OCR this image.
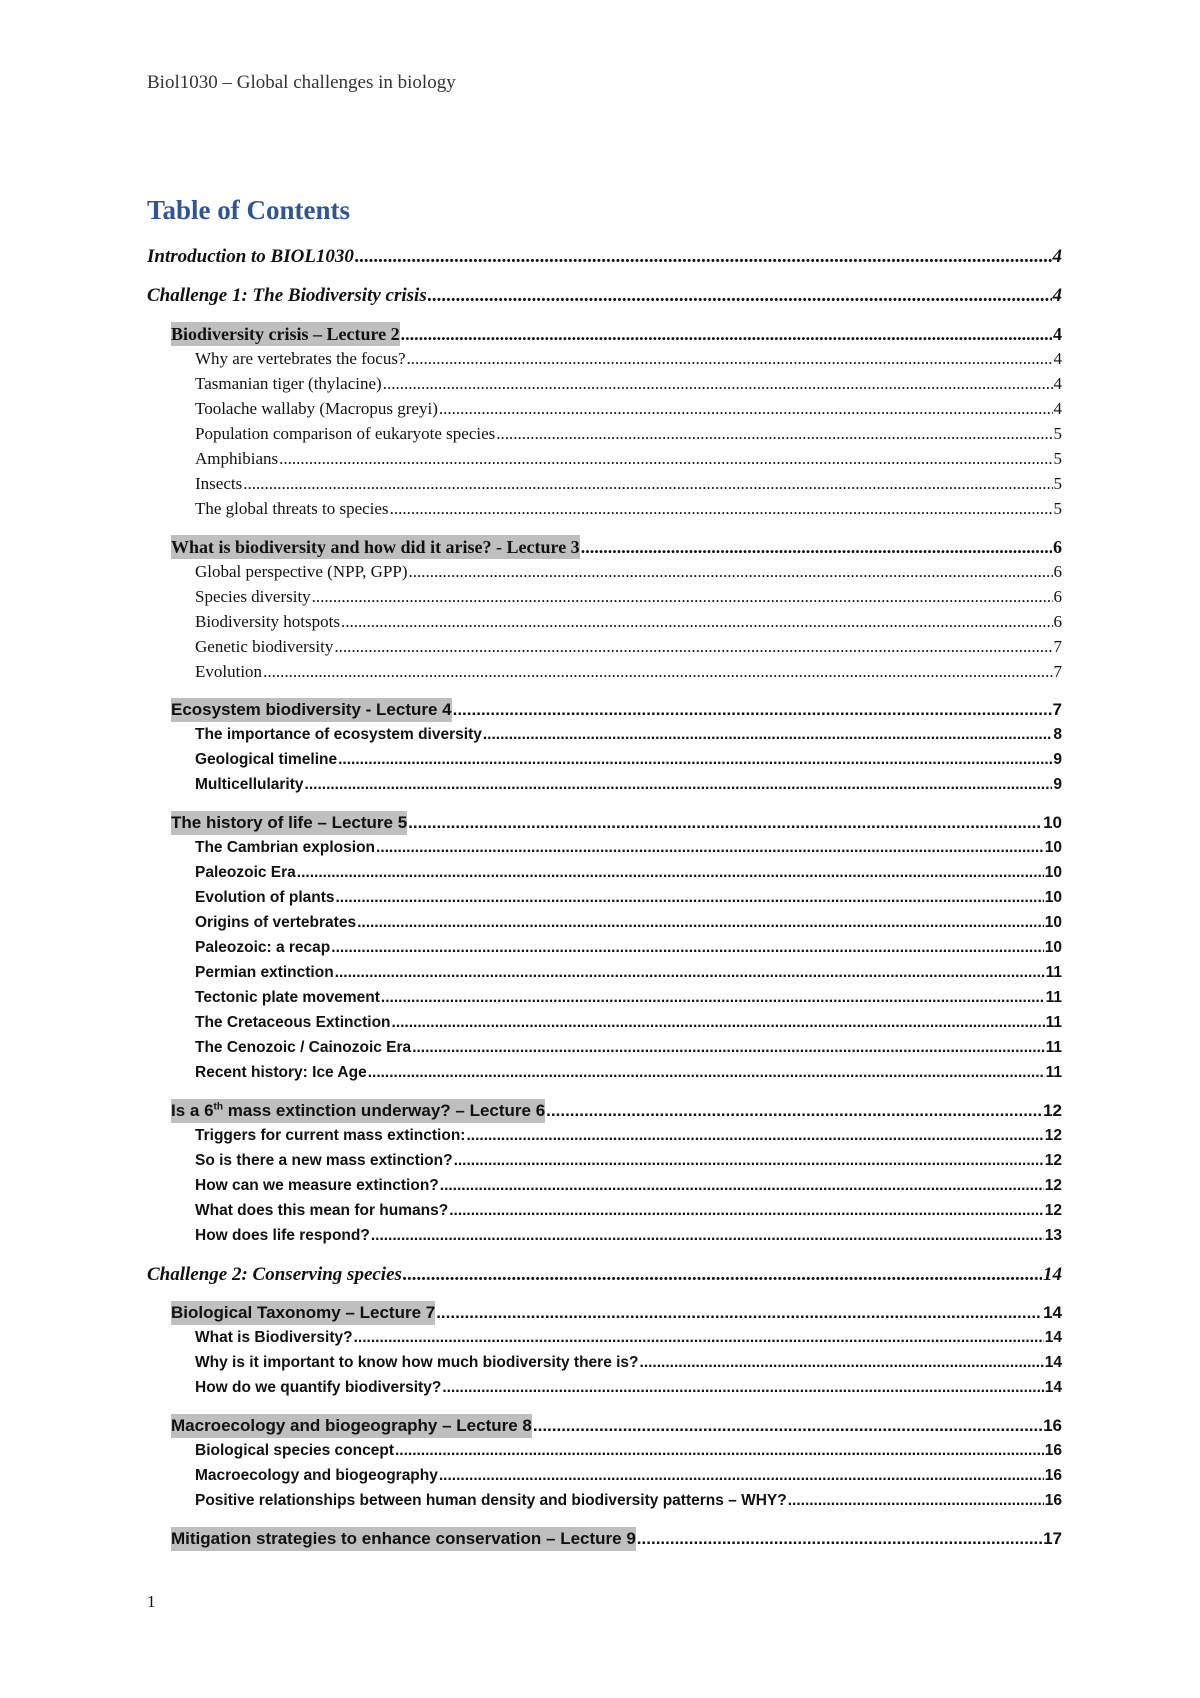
Biol1030 – Global challenges in biology
Table of Contents
Introduction to BIOL1030 .....	4
Challenge 1: The Biodiversity crisis .....	4
Biodiversity crisis – Lecture 2 .....	4
Why are vertebrates the focus? .....	4
Tasmanian tiger (thylacine) .....	4
Toolache wallaby (Macropus greyi) .....	4
Population comparison of eukaryote species .....	5
Amphibians .....	5
Insects .....	5
The global threats to species .....	5
What is biodiversity and how did it arise? - Lecture 3 .....	6
Global perspective (NPP, GPP) .....	6
Species diversity .....	6
Biodiversity hotspots .....	6
Genetic biodiversity .....	7
Evolution .....	7
Ecosystem biodiversity - Lecture 4 .....	7
The importance of ecosystem diversity .....	8
Geological timeline .....	9
Multicellularity .....	9
The history of life – Lecture 5 .....	10
The Cambrian explosion .....	10
Paleozoic Era .....	10
Evolution of plants .....	10
Origins of vertebrates .....	10
Paleozoic: a recap .....	10
Permian extinction .....	11
Tectonic plate movement .....	11
The Cretaceous Extinction .....	11
The Cenozoic / Cainozoic Era .....	11
Recent history: Ice Age .....	11
Is a 6th mass extinction underway? – Lecture 6 .....	12
Triggers for current mass extinction: .....	12
So is there a new mass extinction? .....	12
How can we measure extinction? .....	12
What does this mean for humans? .....	12
How does life respond? .....	13
Challenge 2: Conserving species .....	14
Biological Taxonomy – Lecture 7 .....	14
What is Biodiversity? .....	14
Why is it important to know how much biodiversity there is? .....	14
How do we quantify biodiversity? .....	14
Macroecology and biogeography – Lecture 8 .....	16
Biological species concept .....	16
Macroecology and biogeography .....	16
Positive relationships between human density and biodiversity patterns – WHY? .....	16
Mitigation strategies to enhance conservation – Lecture 9 .....	17
1
